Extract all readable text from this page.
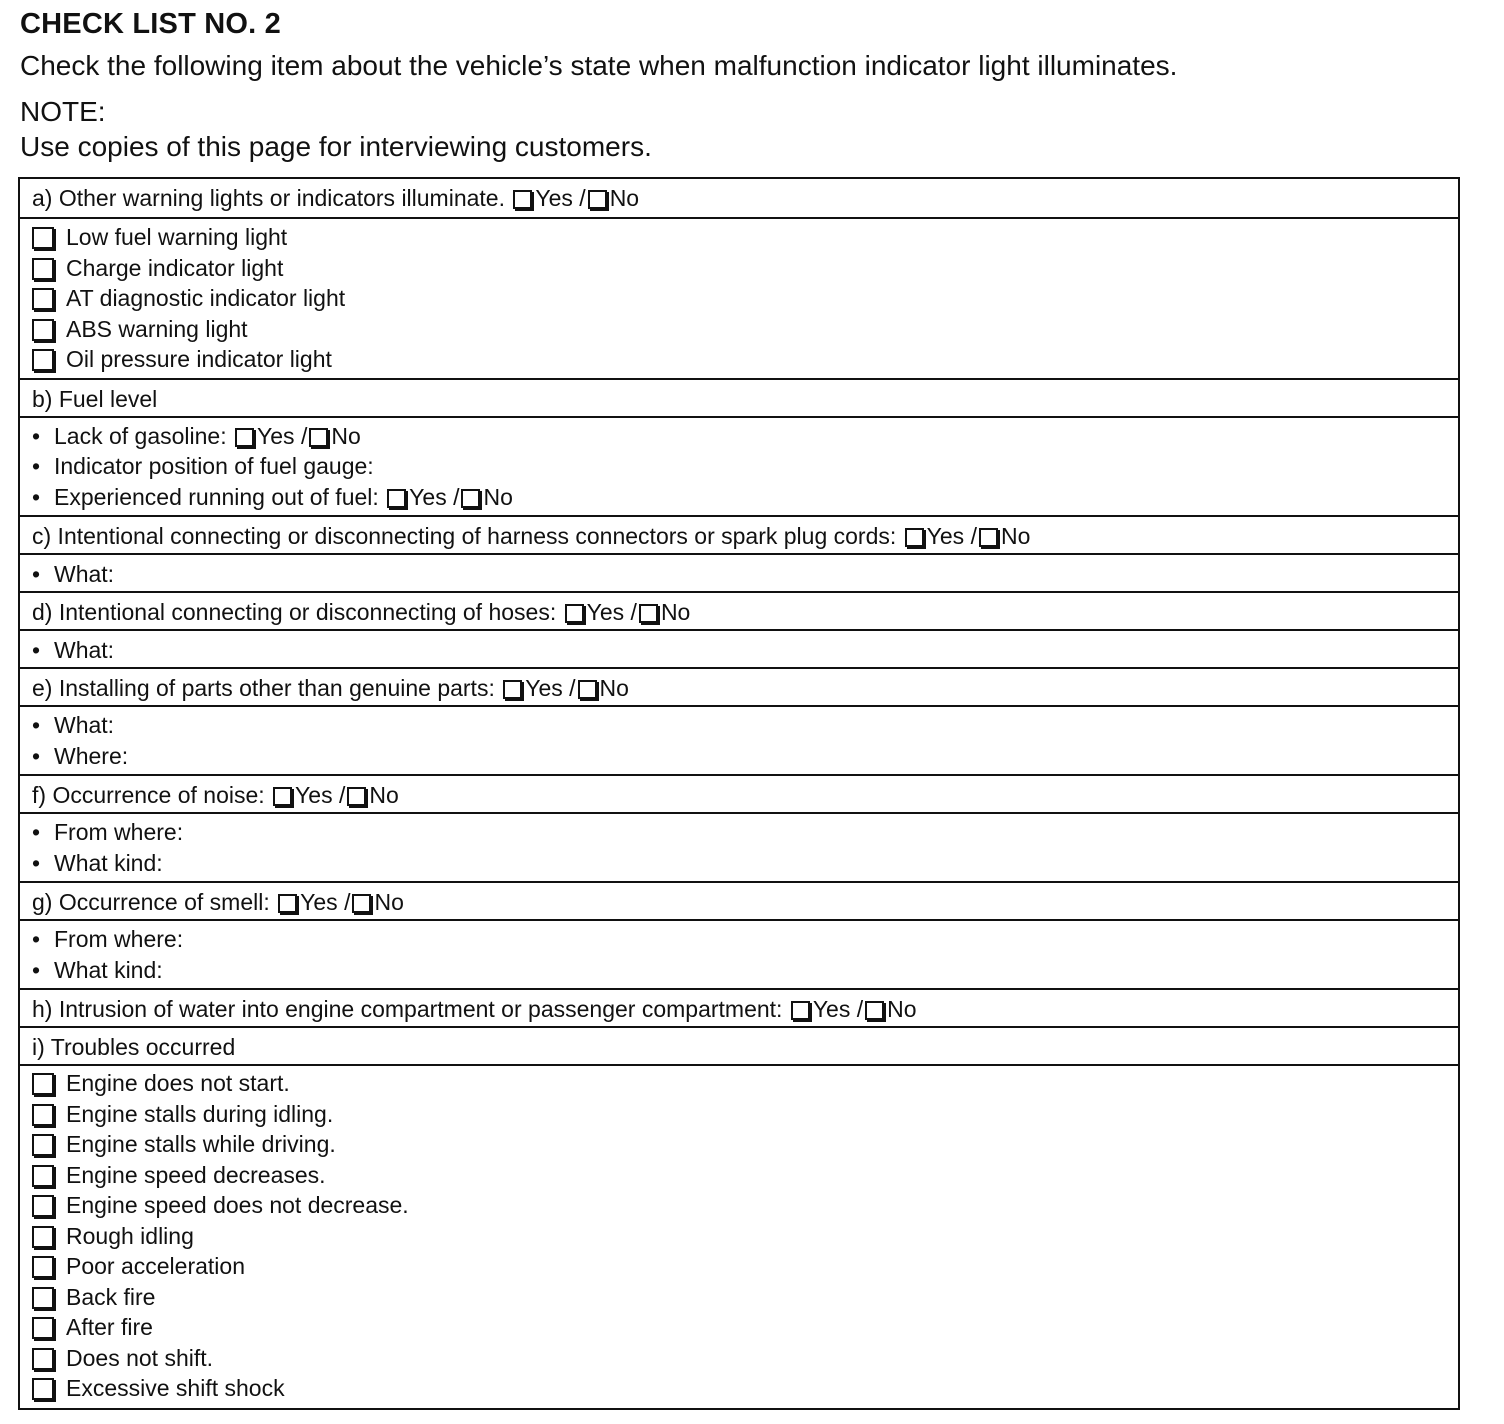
CHECK LIST NO. 2
Check the following item about the vehicle’s state when malfunction indicator light illuminates.
NOTE:
Use copies of this page for interviewing customers.
a) Other warning lights or indicators illuminate. Yes / No
Low fuel warning light
Charge indicator light
AT diagnostic indicator light
ABS warning light
Oil pressure indicator light
b) Fuel level
• Lack of gasoline: Yes / No
• Indicator position of fuel gauge:
• Experienced running out of fuel: Yes / No
c) Intentional connecting or disconnecting of harness connectors or spark plug cords: Yes / No
• What:
d) Intentional connecting or disconnecting of hoses: Yes / No
• What:
e) Installing of parts other than genuine parts: Yes / No
• What:
• Where:
f) Occurrence of noise: Yes / No
• From where:
• What kind:
g) Occurrence of smell: Yes / No
• From where:
• What kind:
h) Intrusion of water into engine compartment or passenger compartment: Yes / No
i) Troubles occurred
Engine does not start.
Engine stalls during idling.
Engine stalls while driving.
Engine speed decreases.
Engine speed does not decrease.
Rough idling
Poor acceleration
Back fire
After fire
Does not shift.
Excessive shift shock
